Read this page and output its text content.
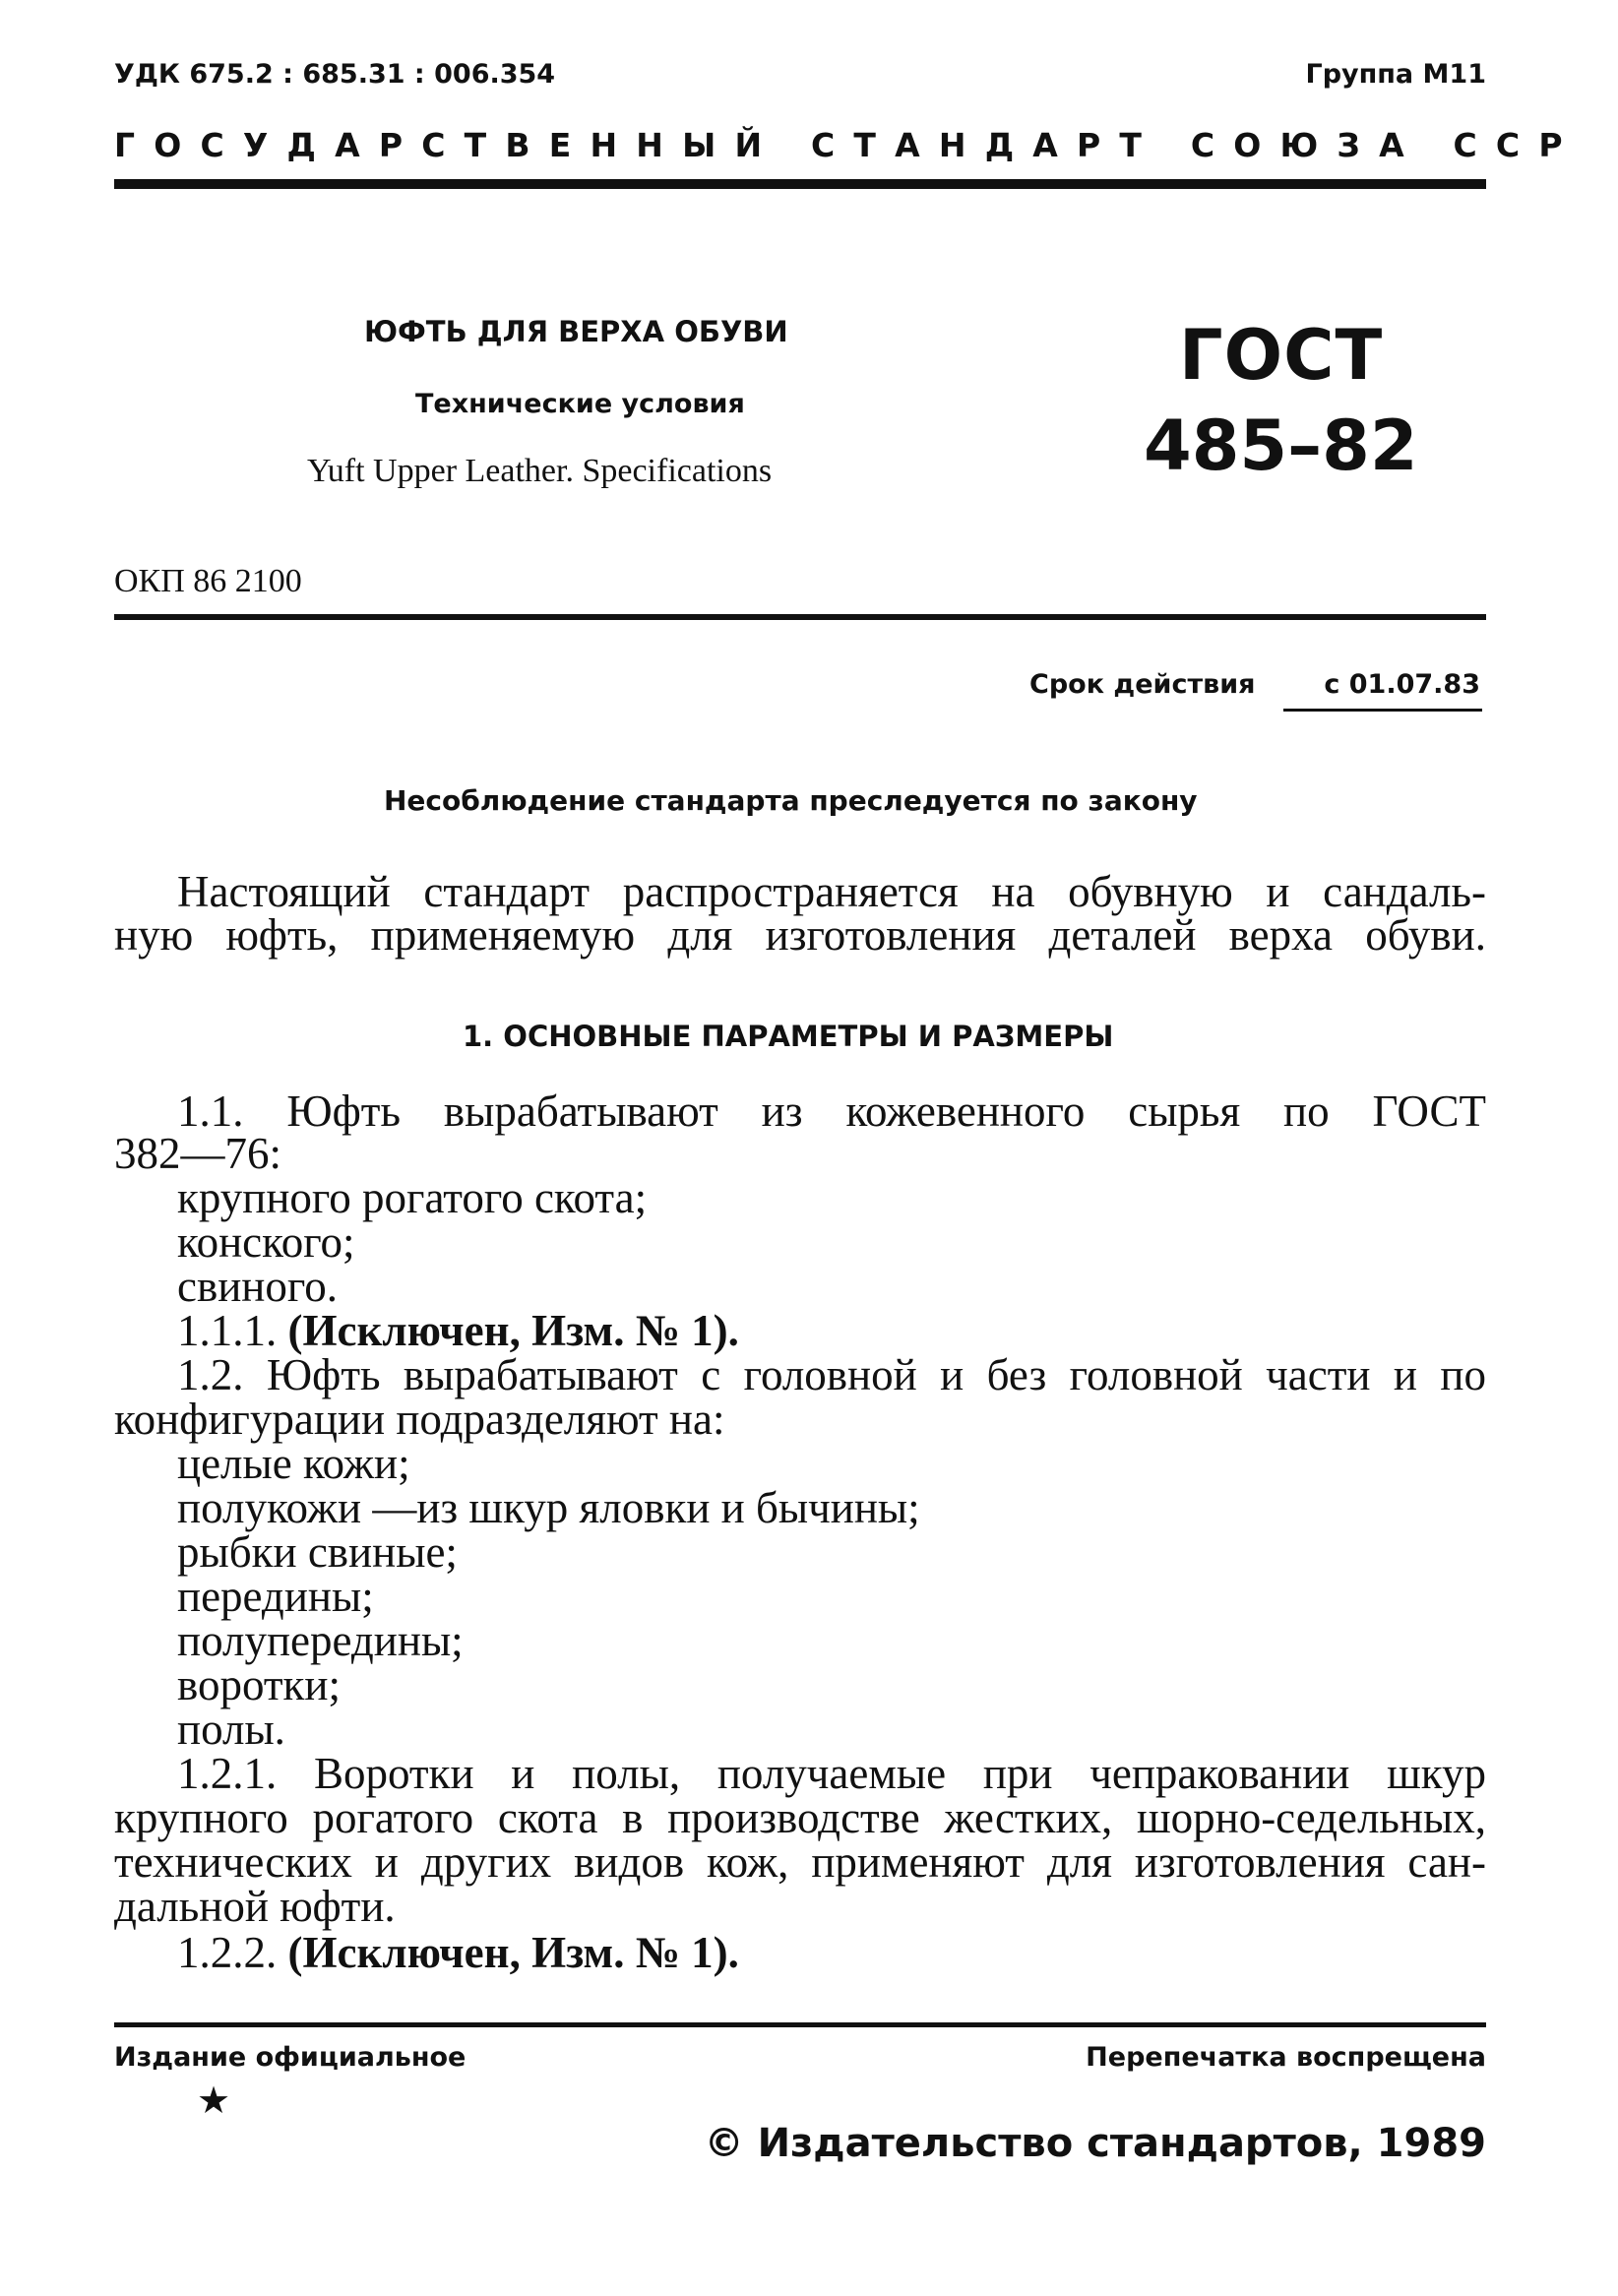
УДК 675.2 : 685.31 : 006.354	Группа М11
ГОСУДАРСТВЕННЫЙ СТАНДАРТ СОЮЗА ССР
ЮФТЬ ДЛЯ ВЕРХА ОБУВИ
Технические условия
Yuft Upper Leather. Specifications
ГОСТ
485–82
ОКП 86 2100
Срок действия	с 01.07.83
Несоблюдение стандарта преследуется по закону
Настоящий стандарт распространяется на обувную и сандаль-
ную юфть, применяемую для изготовления деталей верха обуви.
1. ОСНОВНЫЕ ПАРАМЕТРЫ И РАЗМЕРЫ
1.1. Юфть вырабатывают из кожевенного сырья по ГОСТ
382—76:
крупного рогатого скота;
конского;
свиного.
1.1.1. (Исключен, Изм. № 1).
1.2. Юфть вырабатывают с головной и без головной части и по
конфигурации подразделяют на:
целые кожи;
полукожи —из шкур яловки и бычины;
рыбки свиные;
передины;
полупередины;
воротки;
полы.
1.2.1. Воротки и полы, получаемые при чепраковании шкур
крупного рогатого скота в производстве жестких, шорно-седельных,
технических и других видов кож, применяют для изготовления сан-
дальной юфти.
1.2.2. (Исключен, Изм. № 1).
Издание официальное	Перепечатка воспрещена
★
© Издательство стандартов, 1989
